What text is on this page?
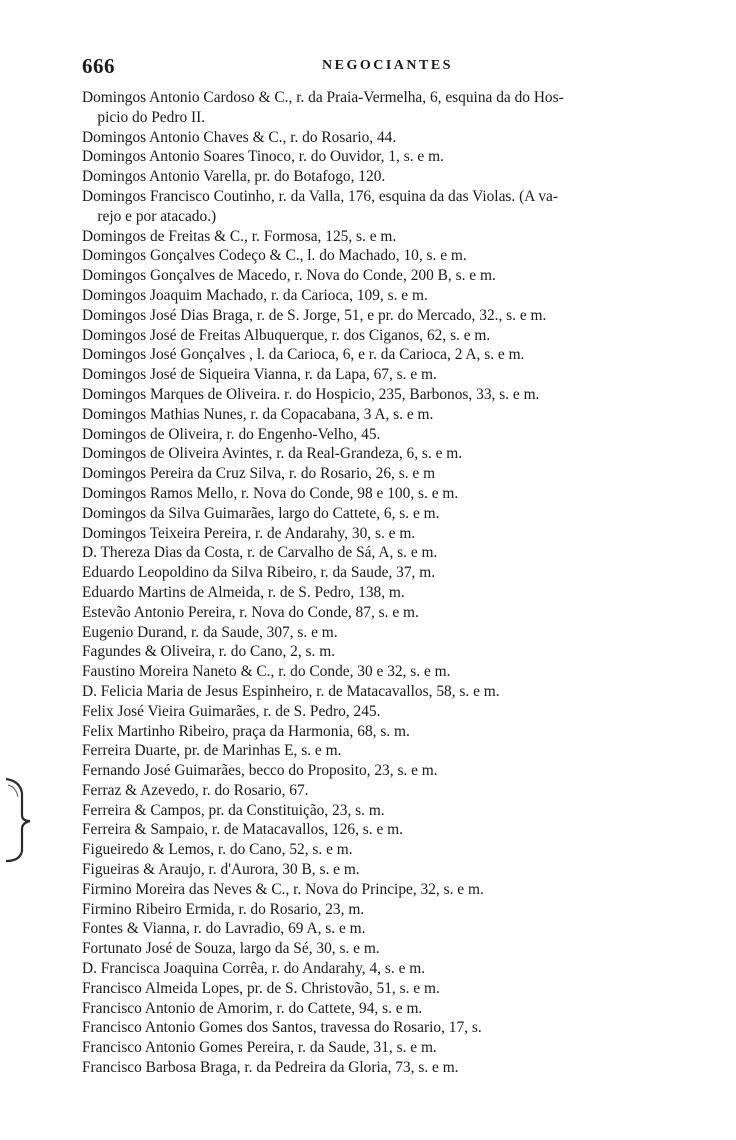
666	NEGOCIANTES

Domingos Antonio Cardoso & C., r. da Praia-Vermelha, 6, esquina da do Hos-

picio do Pedro II.

Domingos Antonio Chaves & C., r. do Rosario, 44.

Domingos Antonio Soares Tinoco, r. do Ouvidor, 1, s. e m.

Domingos Antonio Varella, pr. do Botafogo, 120.

Domingos Francisco Coutinho, r. da Valla, 176, esquina da das Violas. (A va-

rejo e por atacado.)

Domingos de Freitas & C., r. Formosa, 125, s. e m.

Domingos Gonçalves Codeço & C., l. do Machado, 10, s. e m.

Domingos Gonçalves de Macedo, r. Nova do Conde, 200 B, s. e m.

Domingos Joaquim Machado, r. da Carioca, 109, s. e m.

Domingos José Dias Braga, r. de S. Jorge, 51, e pr. do Mercado, 32., s. e m.

Domingos José de Freitas Albuquerque, r. dos Ciganos, 62, s. e m.

Domingos José Gonçalves , l. da Carioca, 6, e r. da Carioca, 2 A, s. e m.

Domingos José de Siqueira Vianna, r. da Lapa, 67, s. e m.

Domingos Marques de Oliveira. r. do Hospicio, 235, Barbonos, 33, s. e m.

Domingos Mathias Nunes, r. da Copacabana, 3 A, s. e m.

Domingos de Oliveira, r. do Engenho-Velho, 45.

Domingos de Oliveira Avintes, r. da Real-Grandeza, 6, s. e m.

Domingos Pereira da Cruz Silva, r. do Rosario, 26, s. e m

Domingos Ramos Mello, r. Nova do Conde, 98 e 100, s. e m.

Domingos da Silva Guimarães, largo do Cattete, 6, s. e m.

Domingos Teixeira Pereira, r. de Andarahy, 30, s. e m.

D. Thereza Dias da Costa, r. de Carvalho de Sá, A, s. e m.

Eduardo Leopoldino da Silva Ribeiro, r. da Saude, 37, m.

Eduardo Martins de Almeida, r. de S. Pedro, 138, m.

Estevão Antonio Pereira, r. Nova do Conde, 87, s. e m.

Eugenio Durand, r. da Saude, 307, s. e m.

Fagundes & Oliveira, r. do Cano, 2, s. m.

Faustino Moreira Naneto & C., r. do Conde, 30 e 32, s. e m.

D. Felicia Maria de Jesus Espinheiro, r. de Matacavallos, 58, s. e m.

Felix José Vieira Guimarães, r. de S. Pedro, 245.

Felix Martinho Ribeiro, praça da Harmonia, 68, s. m.

Ferreira Duarte, pr. de Marinhas E, s. e m.

Fernando José Guimarães, becco do Proposito, 23, s. e m.

Ferraz & Azevedo, r. do Rosario, 67.

Ferreira & Campos, pr. da Constituição, 23, s. m.

Ferreira & Sampaio, r. de Matacavallos, 126, s. e m.

Figueiredo & Lemos, r. do Cano, 52, s. e m.

Figueiras & Araujo, r. d'Aurora, 30 B, s. e m.

Firmino Moreira das Neves & C., r. Nova do Principe, 32, s. e m.

Firmino Ribeiro Ermida, r. do Rosario, 23, m.

Fontes & Vianna, r. do Lavradio, 69 A, s. e m.

Fortunato José de Souza, largo da Sé, 30, s. e m.

D. Francisca Joaquina Corrêa, r. do Andarahy, 4, s. e m.

Francisco Almeida Lopes, pr. de S. Christovão, 51, s. e m.

Francisco Antonio de Amorim, r. do Cattete, 94, s. e m.

Francisco Antonio Gomes dos Santos, travessa do Rosario, 17, s.

Francisco Antonio Gomes Pereira, r. da Saude, 31, s. e m.

Francisco Barbosa Braga, r. da Pedreira da Gloria, 73, s. e m.
